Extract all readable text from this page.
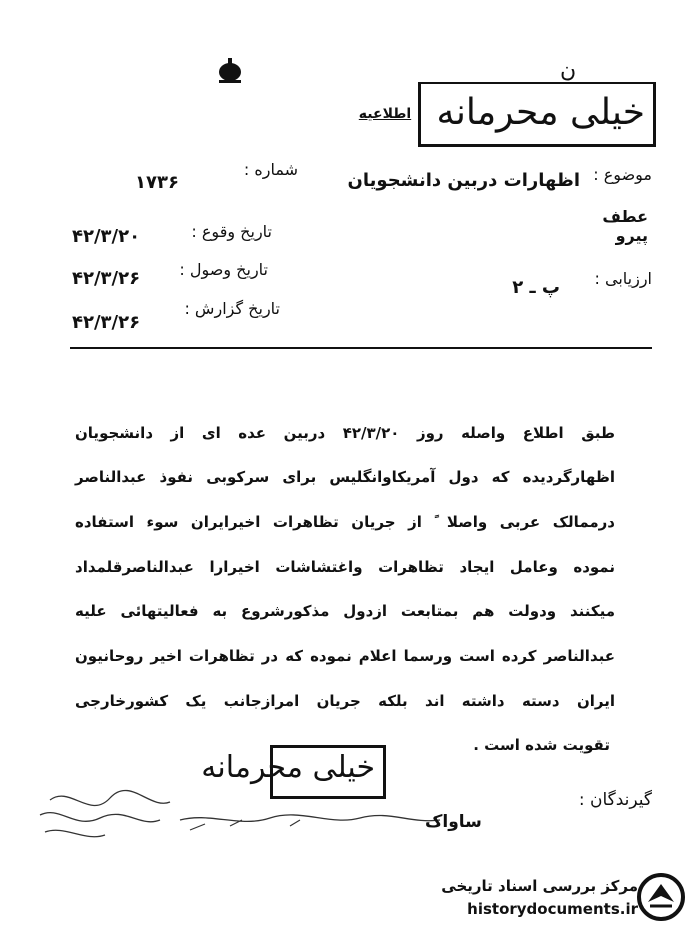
ن
خیلی محرمانه
اطلاعیه
موضوع :
اظهارات دربین دانشجویان
عطف
پیرو
ارزیابی :
پ ـ ۲
شماره :
۱۷۳۶
تاریخ وقوع :
۴۲/۳/۲۰
تاریخ وصول :
۴۲/۳/۲۶
تاریخ گزارش :
۴۲/۳/۲۶
طبق اطلاع واصله روز ۴۲/۳/۲۰ دربین عده ای از دانشجویان
اظهارگردیده که دول آمریکاوانگلیس برای سرکوبی نفوذ عبدالناصر
درممالک عربی واصلا ً از جریان تظاهرات اخیرایران سوء استفاده
نموده وعامل ایجاد تظاهرات واغتشاشات اخیرارا عبدالناصرقلمداد
میکنند ودولت هم بمتابعت ازدول مذکورشروع به فعالیتهائی علیه
عبدالناصر کرده است ورسما اعلام نموده که در تظاهرات اخیر روحانیون
ایران دسته داشته اند بلکه جریان امرازجانب یک کشورخارجی
تقویت شده است .
خیلی محرمانه
گیرندگان :
ساواک
مرکز بررسی اسناد تاریخی
historydocuments.ir
